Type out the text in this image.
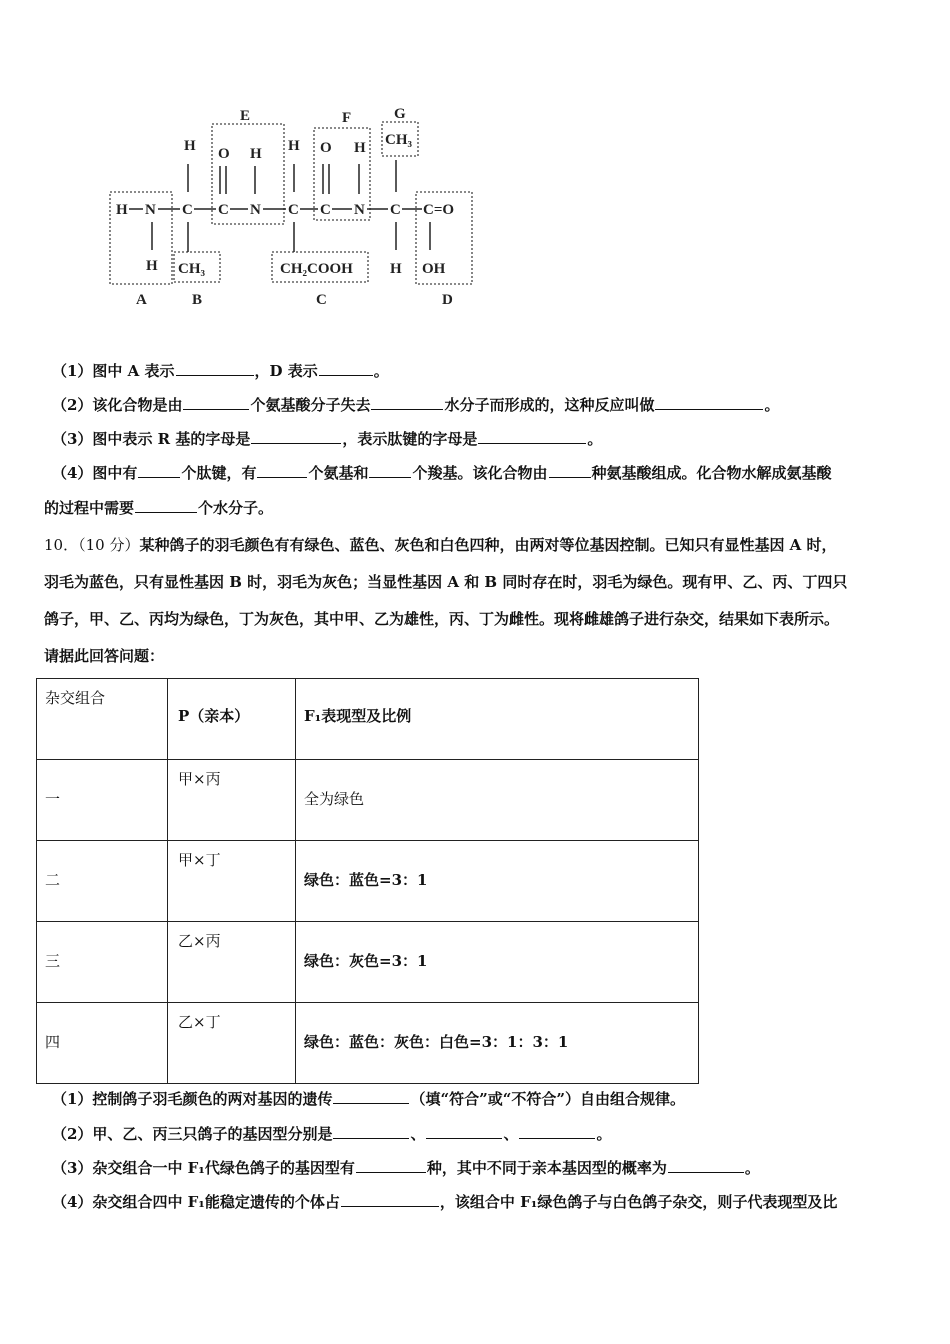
E	F	G
A	B	C	D
H N C C N C C N C C=O
H O H H O H CH₃
H CH₃	CH₂COOH H OH
（1）图中 A 表示	，D 表示	。
（2）该化合物是由	个氨基酸分子失去	水分子而形成的，这种反应叫做	。
（3）图中表示 R 基的字母是	，表示肽键的字母是	。
（4）图中有	个肽键，有	个氨基和	个羧基。该化合物由	种氨基酸组成。化合物水解成氨基酸
的过程中需要	个水分子。
10．（10 分）某种鸽子的羽毛颜色有有绿色、蓝色、灰色和白色四种，由两对等位基因控制。已知只有显性基因 A 时，
羽毛为蓝色，只有显性基因 B 时，羽毛为灰色；当显性基因 A 和 B 同时存在时，羽毛为绿色。现有甲、乙、丙、丁四只
鸽子，甲、乙、丙均为绿色，丁为灰色，其中甲、乙为雄性，丙、丁为雌性。现将雌雄鸽子进行杂交，结果如下表所示。
请据此回答问题：
杂交组合	P（亲本）	F₁表现型及比例

一	甲×丙	全为绿色

二	甲×丁	绿色：蓝色=3：1

三	乙×丙	绿色：灰色=3：1

四	乙×丁	绿色：蓝色：灰色：白色=3：1：3：1
（1）控制鸽子羽毛颜色的两对基因的遗传	（填“符合”或“不符合”）自由组合规律。
（2）甲、乙、丙三只鸽子的基因型分别是	、	、	。
（3）杂交组合一中 F₁代绿色鸽子的基因型有	种，其中不同于亲本基因型的概率为	。
（4）杂交组合四中 F₁能稳定遗传的个体占	，该组合中 F₁绿色鸽子与白色鸽子杂交，则子代表现型及比
